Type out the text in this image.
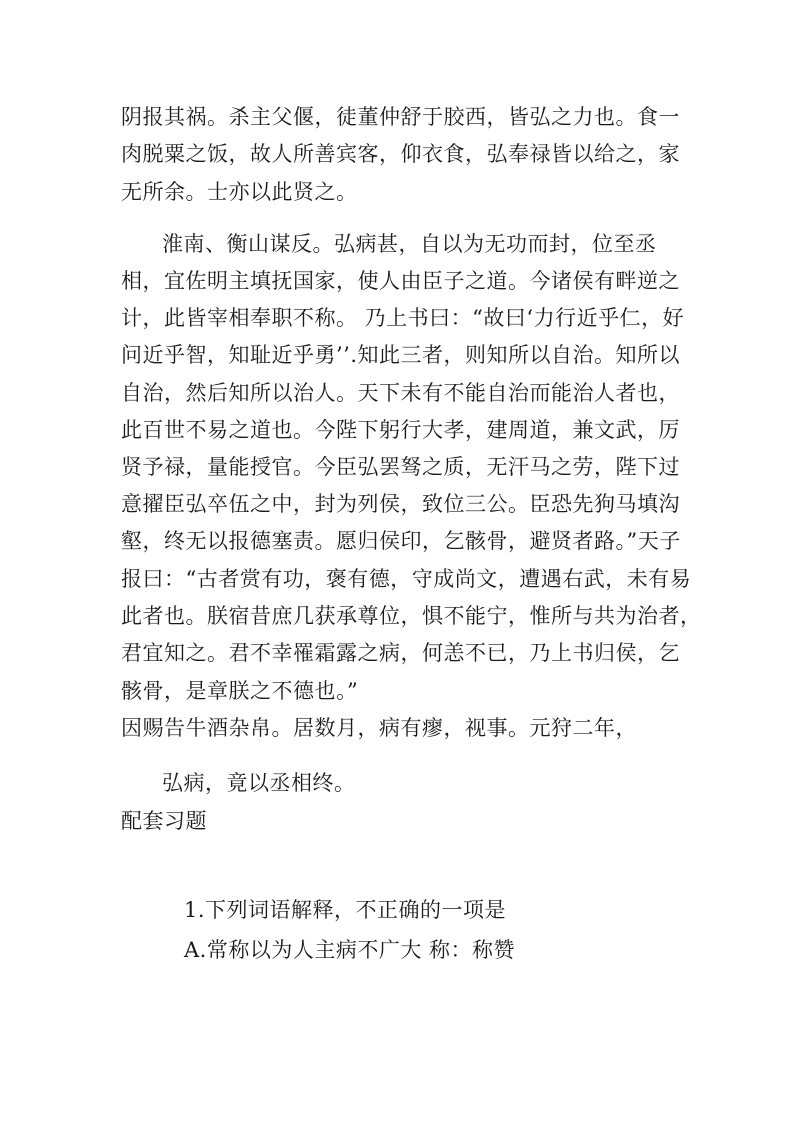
阴报其祸。杀主父偃，徒董仲舒于胶西，皆弘之力也。食一
肉脱粟之饭，故人所善宾客，仰衣食，弘奉禄皆以给之，家
无所余。士亦以此贤之。
淮南、衡山谋反。弘病甚，自以为无功而封，位至丞
相，宜佐明主填抚国家，使人由臣子之道。今诸侯有畔逆之
计，此皆宰相奉职不称。 乃上书曰：“故曰‘力行近乎仁，好
问近乎智，知耻近乎勇’’.知此三者，则知所以自治。知所以
自治，然后知所以治人。天下未有不能自治而能治人者也，
此百世不易之道也。今陛下躬行大孝，建周道，兼文武，厉
贤予禄，量能授官。今臣弘罢驽之质，无汗马之劳，陛下过
意擢臣弘卒伍之中，封为列侯，致位三公。臣恐先狗马填沟
壑，终无以报德塞责。愿归侯印，乞骸骨，避贤者路。”天子
报曰：“古者赏有功，褒有德，守成尚文，遭遇右武，未有易
此者也。朕宿昔庶几获承尊位，惧不能宁，惟所与共为治者，
君宜知之。君不幸罹霜露之病，何恙不已，乃上书归侯，乞
骸骨，是章朕之不德也。”
因赐告牛酒杂帛。居数月，病有瘳，视事。元狩二年，
弘病，竟以丞相终。
配套习题
1.下列词语解释，不正确的一项是
A.常称以为人主病不广大 称：称赞
